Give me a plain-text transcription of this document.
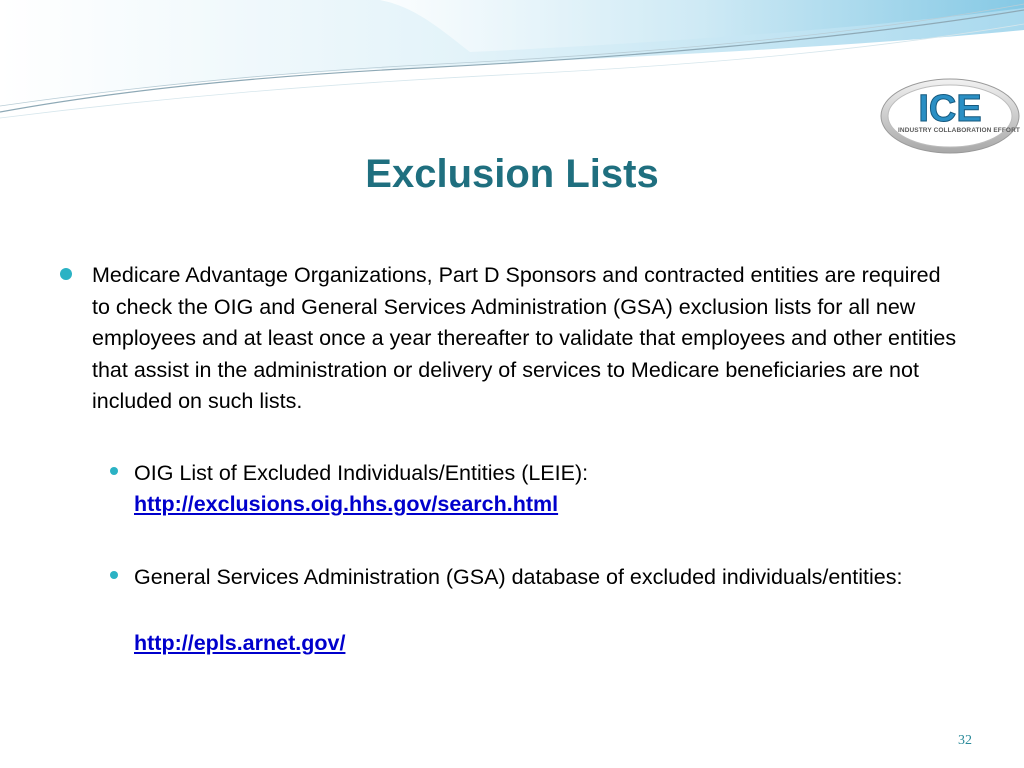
ICE
INDUSTRY COLLABORATION EFFORT
Exclusion Lists
Medicare Advantage Organizations, Part D Sponsors and contracted entities are required to check the OIG and General Services Administration (GSA) exclusion lists for all new employees and at least once a year thereafter to validate that employees and other entities that assist in the administration or delivery of services to Medicare beneficiaries are not included on such lists.
OIG List of Excluded Individuals/Entities (LEIE):
http://exclusions.oig.hhs.gov/search.html
General Services Administration (GSA) database of excluded individuals/entities:
http://epls.arnet.gov/
32
